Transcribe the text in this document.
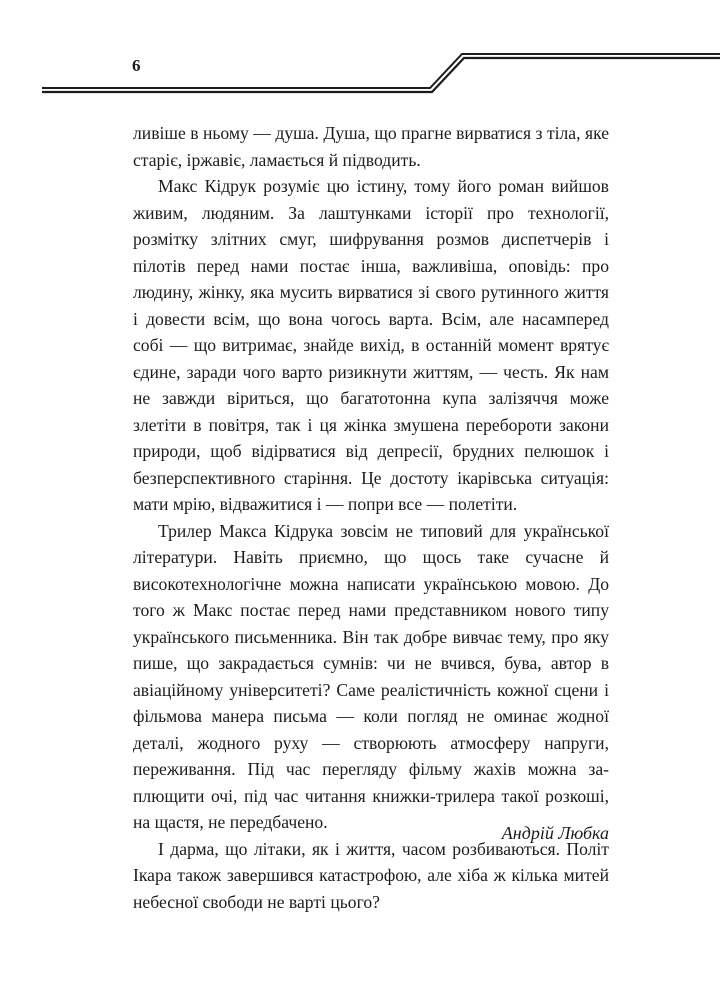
6

ливіше в ньому — душа. Душа, що прагне вирватися з тіла, яке старіє, іржавіє, ламається й підводить.

Макс Кідрук розуміє цю істину, тому його роман вийшов живим, людяним. За лаштунками історії про технології, розмітку злітних смуг, шифрування розмов диспетчерів і пілотів перед нами постає інша, важливіша, оповідь: про людину, жінку, яка мусить вирватися зі свого рутинного життя і довести всім, що вона чогось варта. Всім, але насамперед собі — що витримає, знайде вихід, в останній момент врятує єдине, заради чого варто ризикнути життям, — честь. Як нам не завжди віриться, що багатотонна купа залізяччя може злетіти в повітря, так і ця жінка змушена перебороти закони природи, щоб відірватися від депресії, брудних пелюшок і безперспективного старіння. Це достоту ікарівська ситуація: мати мрію, відважитися і — попри все — полетіти.

Трилер Макса Кідрука зовсім не типовий для української літератури. Навіть приємно, що щось таке сучасне й високотехнологічне можна написати українською мовою. До того ж Макс постає перед нами представником нового типу українського письменника. Він так добре вивчає тему, про яку пише, що закрадається сумнів: чи не вчився, бува, автор в авіаційному університеті? Саме реалістичність кожної сцени і фільмова манера письма — коли погляд не оминає жодної деталі, жодного руху — створюють атмосферу напруги, переживання. Під час перегляду фільму жахів можна заплющити очі, під час читання книжки-трилера такої розкоші, на щастя, не передбачено.

І дарма, що літаки, як і життя, часом розбиваються. Політ Ікара також завершився катастрофою, але хіба ж кілька митей небесної свободи не варті цього?

Андрій Любка
